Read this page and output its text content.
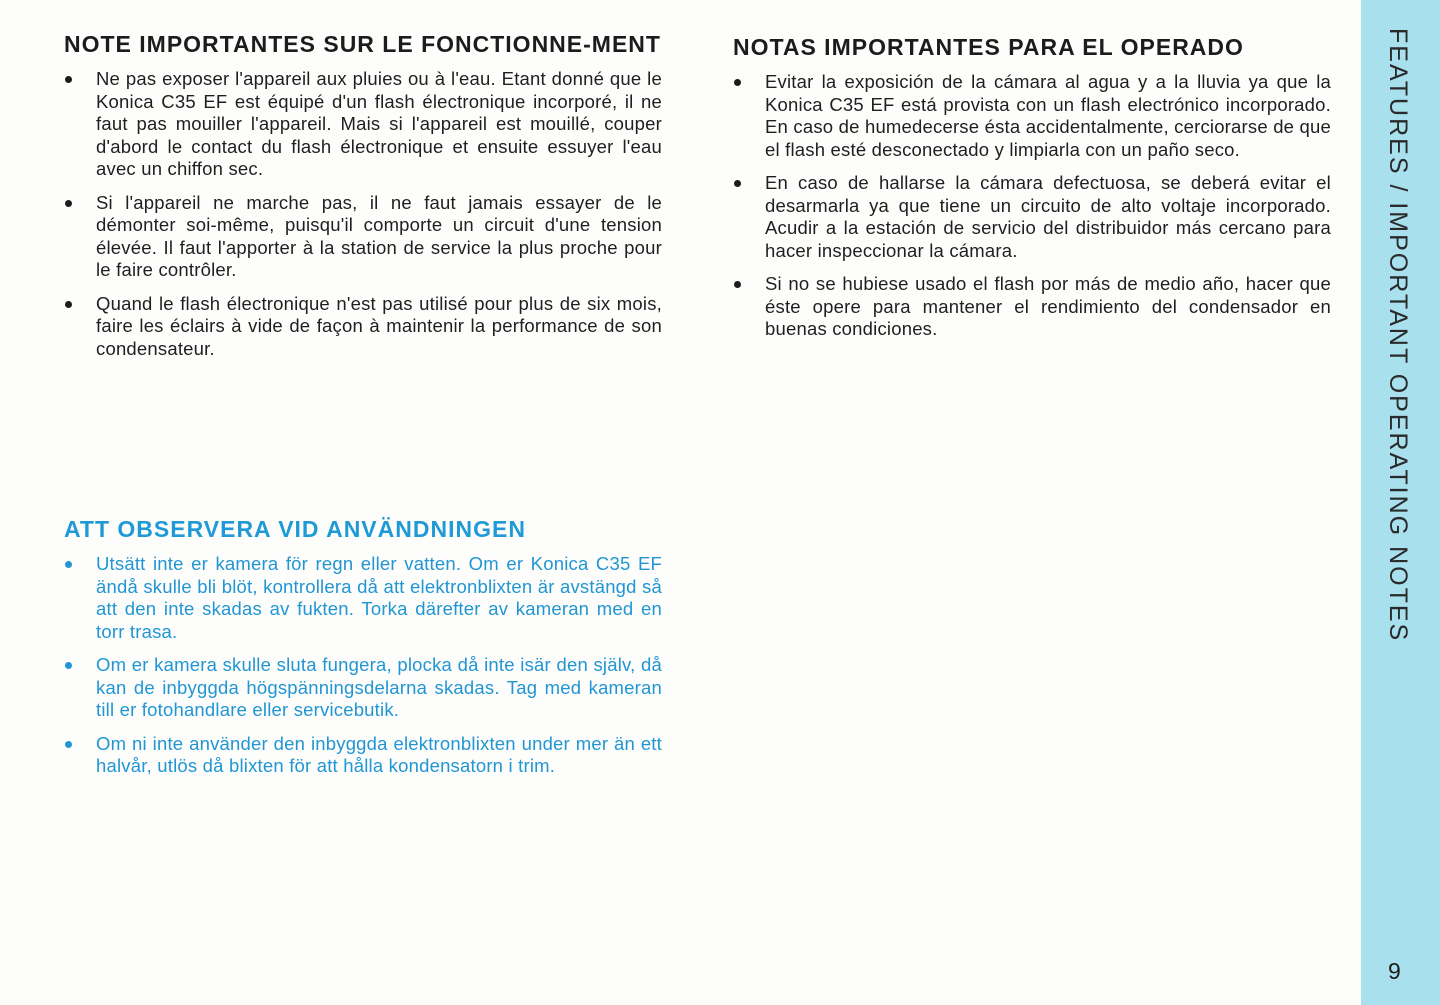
NOTE IMPORTANTES SUR LE FONCTIONNE-MENT
Ne pas exposer l'appareil aux pluies ou à l'eau. Etant donné que le Konica C35 EF est équipé d'un flash électronique incorporé, il ne faut pas mouiller l'appareil. Mais si l'appareil est mouillé, couper d'abord le contact du flash électronique et ensuite essuyer l'eau avec un chiffon sec.
Si l'appareil ne marche pas, il ne faut jamais essayer de le démonter soi-même, puisqu'il comporte un circuit d'une tension élevée. Il faut l'apporter à la station de service la plus proche pour le faire contrôler.
Quand le flash électronique n'est pas utilisé pour plus de six mois, faire les éclairs à vide de façon à maintenir la performance de son condensateur.
NOTAS IMPORTANTES PARA EL OPERADO
Evitar la exposición de la cámara al agua y a la lluvia ya que la Konica C35 EF está provista con un flash electrónico incorporado. En caso de humedecerse ésta accidentalmente, cerciorarse de que el flash esté desconectado y limpiarla con un paño seco.
En caso de hallarse la cámara defectuosa, se deberá evitar el desarmarla ya que tiene un circuito de alto voltaje incorporado. Acudir a la estación de servicio del distribuidor más cercano para hacer inspeccionar la cámara.
Si no se hubiese usado el flash por más de medio año, hacer que éste opere para mantener el rendimiento del condensador en buenas condiciones.
ATT OBSERVERA VID ANVÄNDNINGEN
Utsätt inte er kamera för regn eller vatten. Om er Konica C35 EF ändå skulle bli blöt, kontrollera då att elektronblixten är avstängd så att den inte skadas av fukten. Torka därefter av kameran med en torr trasa.
Om er kamera skulle sluta fungera, plocka då inte isär den själv, då kan de inbyggda högspänningsdelarna skadas. Tag med kameran till er fotohandlare eller servicebutik.
Om ni inte använder den inbyggda elektronblixten under mer än ett halvår, utlös då blixten för att hålla kondensatorn i trim.
FEATURES / IMPORTANT OPERATING NOTES
9
